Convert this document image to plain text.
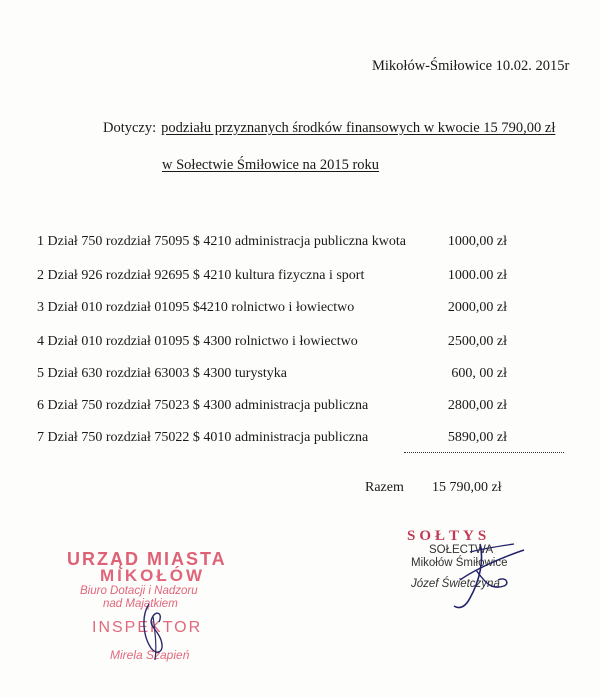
Mikołów-Śmiłowice 10.02. 2015r
Dotyczy: podziału przyznanych środków finansowych w kwocie 15 790,00 zł
w Sołectwie Śmiłowice na 2015 roku
1 Dział 750 rozdział 75095 $ 4210 administracja publiczna kwota	1000,00 zł
2 Dział 926 rozdział 92695 $ 4210 kultura fizyczna i sport	1000.00 zł
3 Dział 010 rozdział 01095 $4210 rolnictwo i łowiectwo	2000,00 zł
4 Dział 010 rozdział 01095 $ 4300 rolnictwo i łowiectwo	2500,00 zł
5 Dział 630 rozdział 63003 $ 4300 turystyka	600, 00 zł
6 Dział 750 rozdział 75023 $ 4300 administracja publiczna	2800,00 zł
7 Dział 750 rozdział 75022 $ 4010 administracja publiczna	5890,00 zł
Razem 15 790,00 zł
URZĄD MIASTA
MIKOŁÓW
Biuro Dotacji i Nadzoru
nad Majątkiem
INSPEKTOR
Mirela Szapień
SOŁTYS
SOŁECTWA
Mikołów Śmiłowice
Józef Świetczyna
